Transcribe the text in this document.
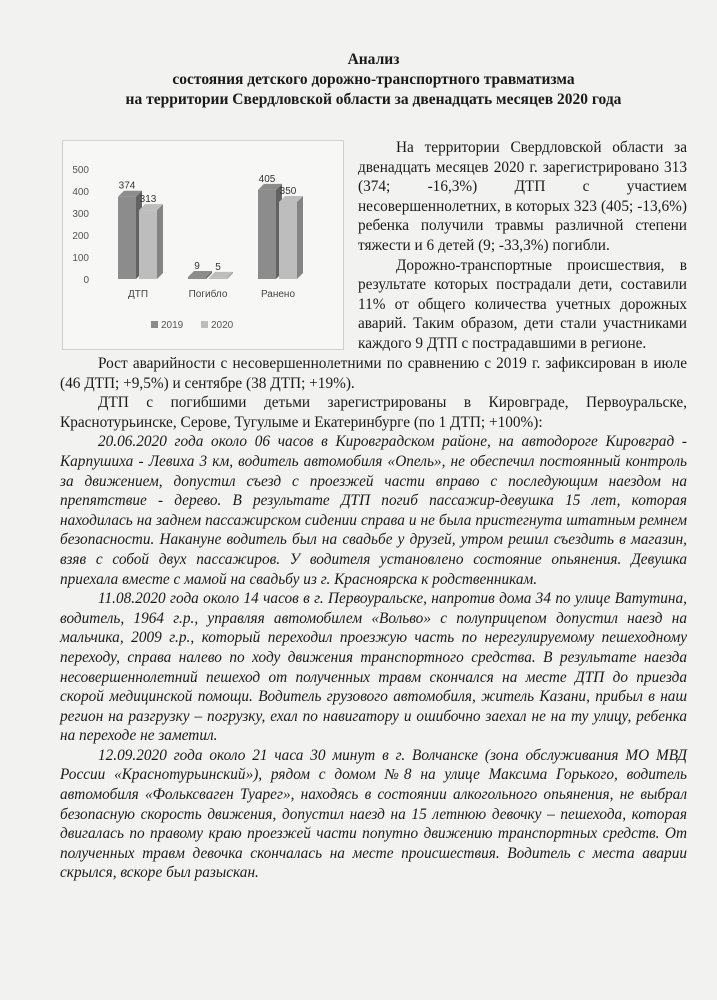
Анализ
состояния детского дорожно-транспортного травматизма
на территории Свердловской области за двенадцать месяцев 2020 года
0
100
200
300
400
500
374
313
ДТП
9 5
Погибло
405
350
Ранено
2019	2020

На территории Свердловской области за двенадцать месяцев 2020 г. зарегистрировано 313 (374; -16,3%) ДТП с участием несовершеннолетних, в которых 323 (405; -13,6%) ребенка получили травмы различной степени тяжести и 6 детей (9; -33,3%) погибли.

Дорожно-транспортные происшествия, в результате которых пострадали дети, составили 11% от общего количества учетных дорожных аварий. Таким образом, дети стали участниками каждого 9 ДТП с пострадавшими в регионе.

Рост аварийности с несовершеннолетними по сравнению с 2019 г. зафиксирован в июле (46 ДТП; +9,5%) и сентябре (38 ДТП; +19%).

ДТП с погибшими детьми зарегистрированы в Кировграде, Первоуральске, Краснотурьинске, Серове, Тугулыме и Екатеринбурге (по 1 ДТП; +100%):

20.06.2020 года около 06 часов в Кировградском районе, на автодороге Кировград - Карпушиха - Левиха 3 км, водитель автомобиля «Опель», не обеспечил постоянный контроль за движением, допустил съезд с проезжей части вправо с последующим наездом на препятствие - дерево. В результате ДТП погиб пассажир-девушка 15 лет, которая находилась на заднем пассажирском сидении справа и не была пристегнута штатным ремнем безопасности. Накануне водитель был на свадьбе у друзей, утром решил съездить в магазин, взяв с собой двух пассажиров. У водителя установлено состояние опьянения. Девушка приехала вместе с мамой на свадьбу из г. Красноярска к родственникам.

11.08.2020 года около 14 часов в г. Первоуральске, напротив дома 34 по улице Ватутина, водитель, 1964 г.р., управляя автомобилем «Вольво» с полуприцепом допустил наезд на мальчика, 2009 г.р., который переходил проезжую часть по нерегулируемому пешеходному переходу, справа налево по ходу движения транспортного средства. В результате наезда несовершеннолетний пешеход от полученных травм скончался на месте ДТП до приезда скорой медицинской помощи. Водитель грузового автомобиля, житель Казани, прибыл в наш регион на разгрузку – погрузку, ехал по навигатору и ошибочно заехал не на ту улицу, ребенка на переходе не заметил.

12.09.2020 года около 21 часа 30 минут в г. Волчанске (зона обслуживания МО МВД России «Краснотурьинский»), рядом с домом №8 на улице Максима Горького, водитель автомобиля «Фольксваген Туарег», находясь в состоянии алкогольного опьянения, не выбрал безопасную скорость движения, допустил наезд на 15 летнюю девочку – пешехода, которая двигалась по правому краю проезжей части попутно движению транспортных средств. От полученных травм девочка скончалась на месте происшествия. Водитель с места аварии скрылся, вскоре был разыскан.
